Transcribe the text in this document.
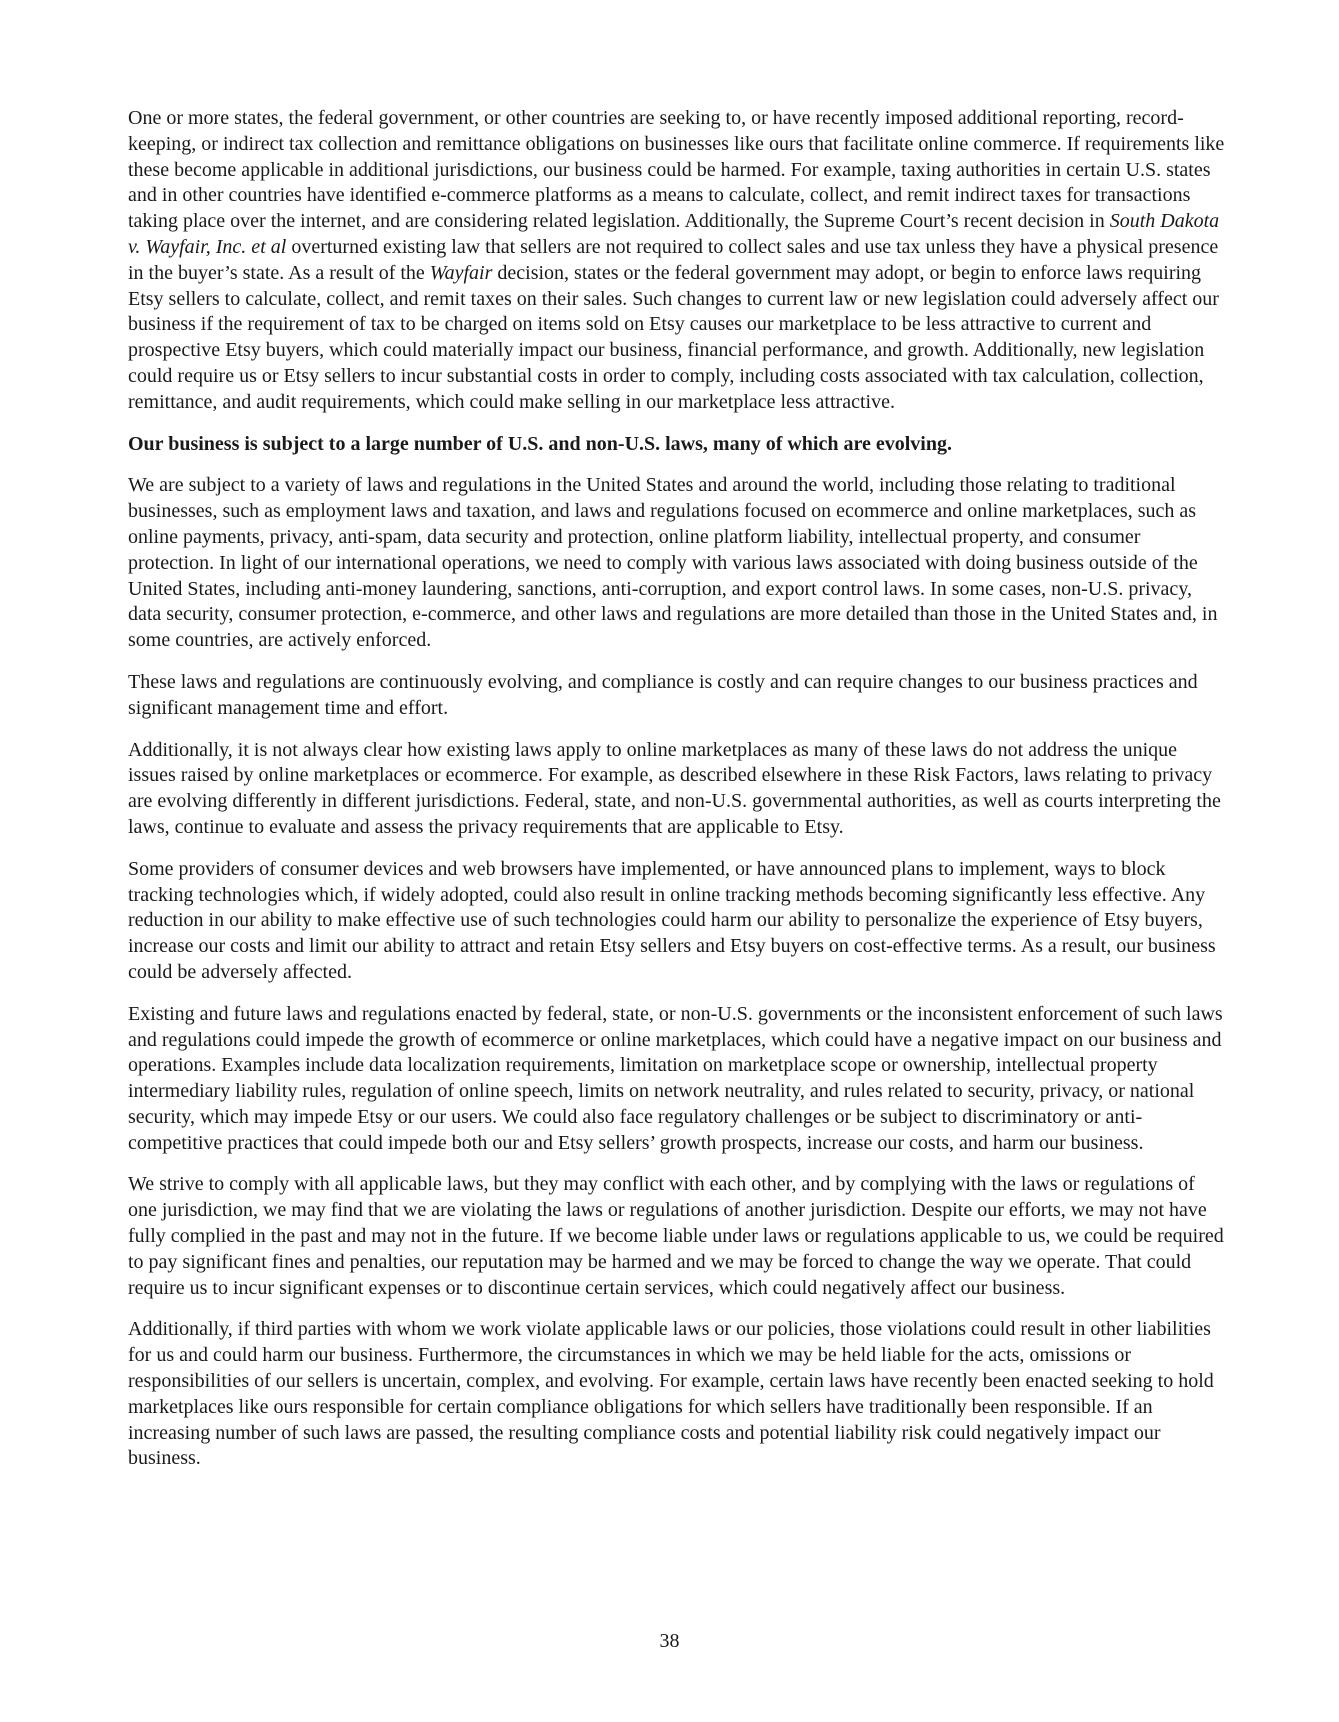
One or more states, the federal government, or other countries are seeking to, or have recently imposed additional reporting, record-keeping, or indirect tax collection and remittance obligations on businesses like ours that facilitate online commerce. If requirements like these become applicable in additional jurisdictions, our business could be harmed. For example, taxing authorities in certain U.S. states and in other countries have identified e-commerce platforms as a means to calculate, collect, and remit indirect taxes for transactions taking place over the internet, and are considering related legislation. Additionally, the Supreme Court’s recent decision in South Dakota v. Wayfair, Inc. et al overturned existing law that sellers are not required to collect sales and use tax unless they have a physical presence in the buyer’s state. As a result of the Wayfair decision, states or the federal government may adopt, or begin to enforce laws requiring Etsy sellers to calculate, collect, and remit taxes on their sales. Such changes to current law or new legislation could adversely affect our business if the requirement of tax to be charged on items sold on Etsy causes our marketplace to be less attractive to current and prospective Etsy buyers, which could materially impact our business, financial performance, and growth. Additionally, new legislation could require us or Etsy sellers to incur substantial costs in order to comply, including costs associated with tax calculation, collection, remittance, and audit requirements, which could make selling in our marketplace less attractive.

Our business is subject to a large number of U.S. and non-U.S. laws, many of which are evolving.

We are subject to a variety of laws and regulations in the United States and around the world, including those relating to traditional businesses, such as employment laws and taxation, and laws and regulations focused on ecommerce and online marketplaces, such as online payments, privacy, anti-spam, data security and protection, online platform liability, intellectual property, and consumer protection. In light of our international operations, we need to comply with various laws associated with doing business outside of the United States, including anti-money laundering, sanctions, anti-corruption, and export control laws. In some cases, non-U.S. privacy, data security, consumer protection, e-commerce, and other laws and regulations are more detailed than those in the United States and, in some countries, are actively enforced.

These laws and regulations are continuously evolving, and compliance is costly and can require changes to our business practices and significant management time and effort.

Additionally, it is not always clear how existing laws apply to online marketplaces as many of these laws do not address the unique issues raised by online marketplaces or ecommerce. For example, as described elsewhere in these Risk Factors, laws relating to privacy are evolving differently in different jurisdictions. Federal, state, and non-U.S. governmental authorities, as well as courts interpreting the laws, continue to evaluate and assess the privacy requirements that are applicable to Etsy.

Some providers of consumer devices and web browsers have implemented, or have announced plans to implement, ways to block tracking technologies which, if widely adopted, could also result in online tracking methods becoming significantly less effective. Any reduction in our ability to make effective use of such technologies could harm our ability to personalize the experience of Etsy buyers, increase our costs and limit our ability to attract and retain Etsy sellers and Etsy buyers on cost-effective terms. As a result, our business could be adversely affected.

Existing and future laws and regulations enacted by federal, state, or non-U.S. governments or the inconsistent enforcement of such laws and regulations could impede the growth of ecommerce or online marketplaces, which could have a negative impact on our business and operations. Examples include data localization requirements, limitation on marketplace scope or ownership, intellectual property intermediary liability rules, regulation of online speech, limits on network neutrality, and rules related to security, privacy, or national security, which may impede Etsy or our users. We could also face regulatory challenges or be subject to discriminatory or anti-competitive practices that could impede both our and Etsy sellers’ growth prospects, increase our costs, and harm our business.

We strive to comply with all applicable laws, but they may conflict with each other, and by complying with the laws or regulations of one jurisdiction, we may find that we are violating the laws or regulations of another jurisdiction. Despite our efforts, we may not have fully complied in the past and may not in the future. If we become liable under laws or regulations applicable to us, we could be required to pay significant fines and penalties, our reputation may be harmed and we may be forced to change the way we operate. That could require us to incur significant expenses or to discontinue certain services, which could negatively affect our business.

Additionally, if third parties with whom we work violate applicable laws or our policies, those violations could result in other liabilities for us and could harm our business. Furthermore, the circumstances in which we may be held liable for the acts, omissions or responsibilities of our sellers is uncertain, complex, and evolving. For example, certain laws have recently been enacted seeking to hold marketplaces like ours responsible for certain compliance obligations for which sellers have traditionally been responsible. If an increasing number of such laws are passed, the resulting compliance costs and potential liability risk could negatively impact our business.

38
